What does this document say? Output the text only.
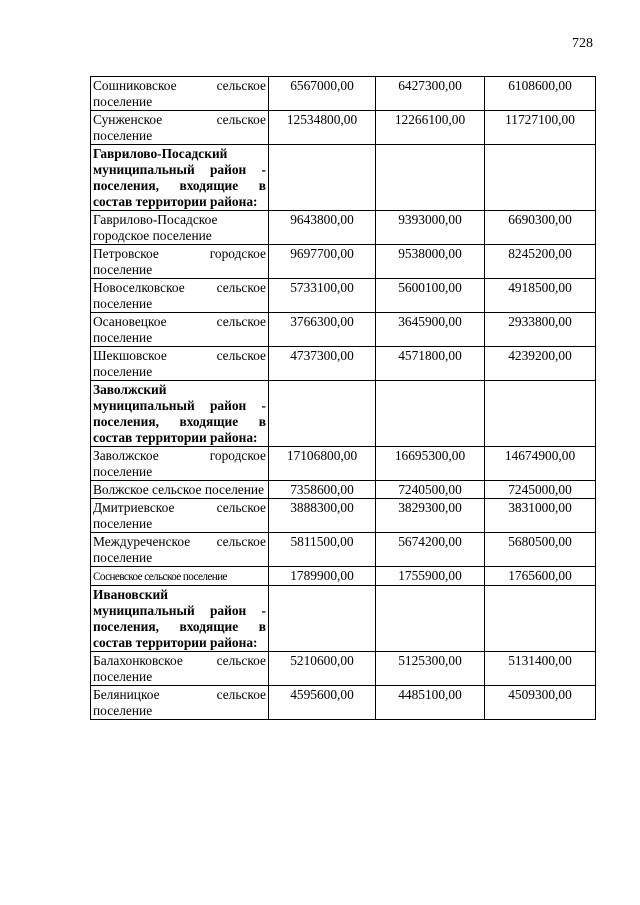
728
Сошниковское сельское поселение	6567000,00	6427300,00	6108600,00
Сунженское сельское поселение	12534800,00	12266100,00	11727100,00
Гаврилово-Посадский муниципальный район - поселения, входящие в состав территории района:			
Гаврилово-Посадское городское поселение	9643800,00	9393000,00	6690300,00
Петровское городское поселение	9697700,00	9538000,00	8245200,00
Новоселковское сельское поселение	5733100,00	5600100,00	4918500,00
Осановецкое сельское поселение	3766300,00	3645900,00	2933800,00
Шекшовское сельское поселение	4737300,00	4571800,00	4239200,00
Заволжский муниципальный район - поселения, входящие в состав территории района:			
Заволжское городское поселение	17106800,00	16695300,00	14674900,00
Волжское сельское поселение	7358600,00	7240500,00	7245000,00
Дмитриевское сельское поселение	3888300,00	3829300,00	3831000,00
Междуреченское сельское поселение	5811500,00	5674200,00	5680500,00
Сосневское сельское поселение	1789900,00	1755900,00	1765600,00
Ивановский муниципальный район - поселения, входящие в состав территории района:			
Балахонковское сельское поселение	5210600,00	5125300,00	5131400,00
Беляницкое сельское поселение	4595600,00	4485100,00	4509300,00
